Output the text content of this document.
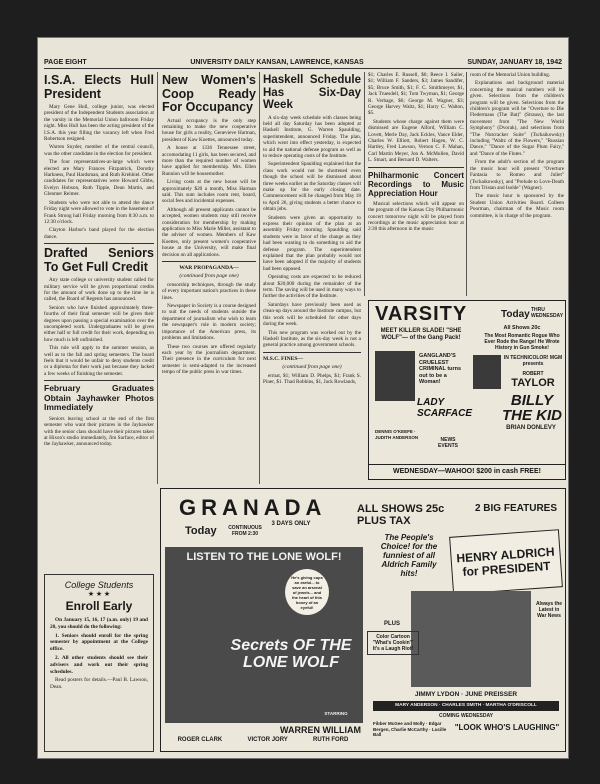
PAGE EIGHT	UNIVERSITY DAILY KANSAN, LAWRENCE, KANSAS	SUNDAY, JANUARY 18, 1942
I.S.A. Elects Hull President

Mary Gene Hull, college junior, was elected president of the Independent Students association at the varsity in the Memorial Union ballroom Friday night. Miss Hull has been the acting president of the I.S.A. this year filling the vacancy left when Fred Robertson resigned.

Warren Snyder, member of the central council, was the other candidate in the election for president.

The four representatives-at-large which were elected are Mary Frances Fitzpatrick, Dorothy Harkness, Paul Hardsman, and Ruth Krehbiel. Other candidates for representatives were Howard Gibbs, Evelyn Hobson, Ruth Tippie, Dean Martin, and Glenmer Reimer.

Students who were not able to attend the dance Friday night were allowed to vote in the basement of Frank Strong hall Friday morning from 8:30 a.m. to 12:30 o'clock.

Clayton Harbur's band played for the election dance.

Drafted Seniors To Get Full Credit

Any state college or university student called for military service will be given proportional credits for the amount of work done up to the time he is called, the Board of Regents has announced.

Seniors who have finished approximately three-fourths of their final semester will be given their degrees upon passing a special examination over the uncompleted work. Undergraduates will be given either half or full credit for their work, depending on how much is left unfinished.

This rule will apply to the summer session, as well as to the fall and spring semesters. The board feels that it would be unfair to deny students credit or a diploma for their work just because they lacked a few weeks of finishing the semester.

February Graduates Obtain Jayhawker Photos Immediately

Seniors leaving school at the end of the first semester who want their pictures in the Jayhawker with the senior class should have their pictures taken at Hixon's studio immediately, Jim Surface, editor of the Jayhawker, announced today.

College Students
★ ★ ★
Enroll Early

On January 15, 16, 17 (a.m. only) 19 and 20, you should do the following:

1. Seniors should enroll for the spring semester by appointment at the College office.

2. All other students should see their advisers and work out their spring schedules.

Read posters for details.—Paul B. Lawson, Dean.

New Women's Coop Ready For Occupancy

Actual occupancy is the only step remaining to make the new cooperative house for girls a reality, Genevieve Harman, president of Kaw Koettes, announced today.

A house at 1336 Tennessee street, accomodating 11 girls, has been secured, and more than the required number of women have applied for membership. Mrs. Ellen Runnion will be housemother.

Living costs at the new house will be approximately $20 a month, Miss Harman said. This sum includes room rent, board, social fees and incidental expenses.

Although all present applicants cannot be accepted, women students may still receive consideration for membership by making application to Miss Marie Miller, assistant to the adviser of women. Members of Kaw Koettes, only present women's cooperative house at the University, will make final decision on all applications.

WAR PROPAGANDA—
(continued from page one)

censorship techniques, through the study of every important nation's practices in these lines.

Newspaper in Society is a course designed to suit the needs of students outside the department of journalism who wish to learn the newspaper's role in modern society; importance of the American press, its problems and limitations.

These two courses are offered regularly each year by the journalism department. Their presence in the curriculum for next semester is semi-adapted to the increased tempo of the public press in war times.

Haskell Schedule Has Six-Day Week

A six-day week schedule with classes being held all day Saturday has been adopted at Haskell Institute, G. Warren Spaulding, superintendent, announced Friday. The plan, which went into effect yesterday, is expected to aid the national defense program as well as to reduce operating costs of the Institute.

Superintendent Spaulding explained that the class work would not be shortened even though the school will be dismissed about three weeks earlier as the Saturday classes will make up for the early closing date. Commencement will be changed from May 18 to April 26, giving students a better chance to obtain jobs.

Students were given an opportunity to express their opinion of the plan at an assembly Friday morning. Spaulding said students were in favor of the change as they had been wanting to do something to aid the defense program. The superintendent explained that the plan probably would not have been adopted if the majority of students had been opposed.

Operating costs are expected to be reduced about $20,000 during the remainder of the term. The saving will be used in many ways to further the activities of the Institute.

Saturdays have previously been used as clean-up days around the Institute campus, but this work will be scheduled for other days during the week.

This new program was worked out by the Haskell Institute, as the six-day week is not a general practice among government schools.

M.S.C. FINES—
(continued from page one)

ermat, $1; William D. Phelps, $1; Frank S. Piner, $1. Thad Robbins, $1, Jack Rowlands,

$1; Charles E. Russell, $6; Reece I. Sailer, $1; William F. Sanders, $3; James Sandifer, $5; Bruce Smith, $1; F. C. Smithmeyer, $1, Jack Truesdell, $1; Tom Twyman, $1; George R. Verhage, $6; George M. Wagner, $3; George Harvey Waltz, $1; Harry C. Walton, $5.

Students whose charge against them were dismissed are Eugene Alford, William C. Lovett, Merle Day, Jack Eckles, Vance Elder, Charles W. Elliott, Robert Hagen, W. C. Hartley, Fred Lawson, Vernon C. F. Mahan, Carl Martin Meyer, Jon A. McMullen, David L. Smart, and Bernard D. Walters.

Philharmonic Concert Recordings to Music Appreciation Hour

Musical selections which will appear on the program of the Kansas City Philharmonic concert tomorrow night will be played from recordings at the music appreciation hour at 2:30 this afternoon in the music

room of the Memorial Union building.

Explanations and background material concerning the musical numbers will be given. Selections from the children's program will be given. Selections from the children's program will be "Overture to Die Fledermaus (The Bat)" (Strauss), the last movement from "The New World Symphony" (Dvorak), and selections from "The Nutcracker Suite" (Tschaikowsky) including "Waltz of the Flowers," "Russian Dance," "Dance of the Sugar Plum Fairy," and "Dance of the Flutes."

From the adult's section of the program the music hour will present "Overture Fantasia to Romeo and Juliet" (Tschaikowsky), and "Prelude to Love-Death from Tristan and Isolde" (Wagner).

The music hour is sponsored by the Student Union Activities Board. Colleen Poorman, chairman of the Music room committee, is in charge of the program.

VARSITY	Today THRU WEDNESDAY
All Shows 20c
MEET KILLER SLADE! "SHE WOLF"— of the Gang Pack!
GANGLAND'S CRUELEST CRIMINAL turns out to be a Woman!
LADY SCARFACE
DENNIS O'KEEFE · JUDITH ANDERSON	NEWS EVENTS
The Most Romantic Rogue Who Ever Rode the Range! He Wrote History in Gun Smoke!
IN TECHNICOLOR! MGM presents
ROBERT
TAYLOR
BILLY THE KID
BRIAN DONLEVY
WEDNESDAY—WAHOO! $200 in cash FREE!
GRANADA
Today	CONTINUOUS FROM 2:30
3 DAYS ONLY
ALL SHOWS 25c PLUS TAX
2 BIG FEATURES
LISTEN TO THE LONE WOLF!
He's giving cops an earful... to save an arsenal of jewels... and the heart of this honey of an eyeful!
Secrets OF THE LONE WOLF
STARRING
WARREN WILLIAM
ROGER CLARK	VICTOR JORY	RUTH FORD
The People's Choice! for the funniest of all Aldrich Family hits!
HENRY ALDRICH for PRESIDENT
PLUS
Color Cartoon "What's Cookin'" It's a Laugh Riot!
Always the Latest in War News
JIMMY LYDON · JUNE PREISSER
MARY ANDERSON · CHARLES SMITH · MARTHA O'DRISCOLL
COMING WEDNESDAY
Fibber McGee and Molly · Edgar Bergen, Charlie McCarthy · Lucille Ball
"LOOK WHO'S LAUGHING"
